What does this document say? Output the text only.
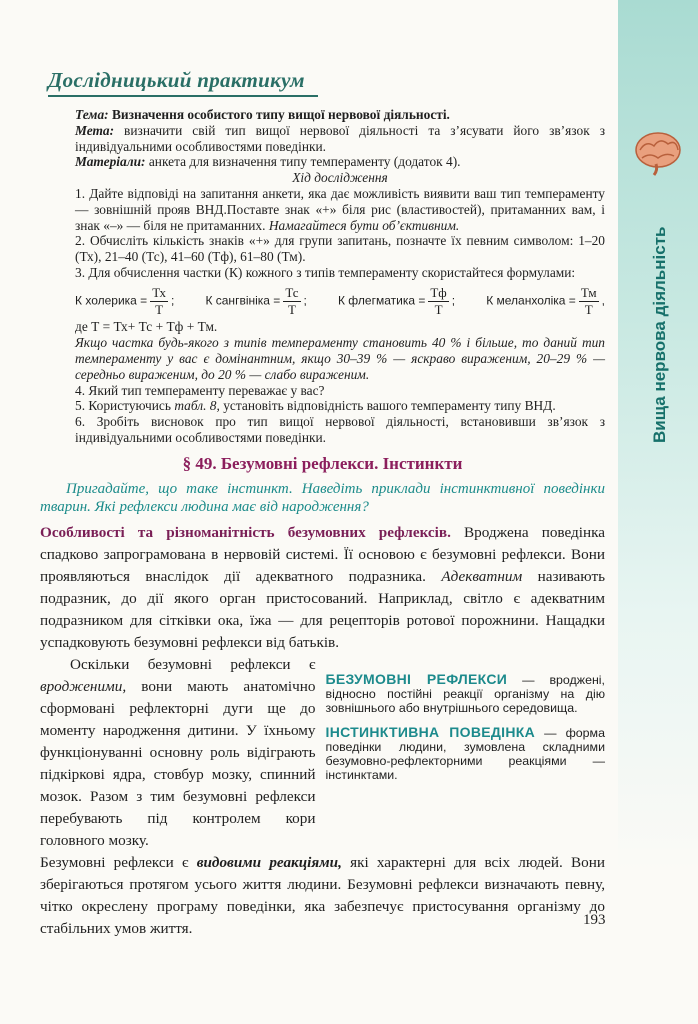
Вища нервова діяльність
Дослідницький практикум

Тема: Визначення особистого типу вищої нервової діяльності.

Мета: визначити свій тип вищої нервової діяльності та з’ясувати його зв’язок з індивідуальними особливостями поведінки.

Матеріали: анкета для визначення типу темпераменту (додаток 4).

Хід дослідження

1. Дайте відповіді на запитання анкети, яка дає можливість виявити ваш тип темпераменту — зовнішній прояв ВНД.Поставте знак «+» біля рис (властивостей), притаманних вам, і знак «–» — біля не притаманних. Намагайтеся бути об’єктивним.

2. Обчисліть кількість знаків «+» для групи запитань, позначте їх певним символом: 1–20 (Тх), 21–40 (Тс), 41–60 (Тф), 61–80 (Тм).

3. Для обчислення частки (К) кожного з типів темпераменту скористайтеся формулами:

К холерика = $\frac{Тх}{Т}$ ;	К сангвініка = $\frac{Тс}{Т}$ ;	К флегматика = $\frac{Тф}{Т}$ ;	К меланхоліка = $\frac{Тм}{Т}$ ,

де Т = Тх+ Тс + Тф + Тм.

Якщо частка будь-якого з типів темпераменту становить 40 % і більше, то даний тип темпераменту у вас є домінантним, якщо 30–39 % — яскраво вираженим, 20–29 % — середньо вираженим, до 20 % — слабо вираженим.

4. Який тип темпераменту переважає у вас?

5. Користуючись табл. 8, установіть відповідність вашого темпераменту типу ВНД.

6. Зробіть висновок про тип вищої нервової діяльності, встановивши зв’язок з індивідуальними особливостями поведінки.

§ 49. Безумовні рефлекси. Інстинкти

Пригадайте, що таке інстинкт. Наведіть приклади інстинктивної поведінки тварин. Які рефлекси людина має від народження?

Особливості та різноманітність безумовних рефлексів. Вроджена поведінка спадково запрограмована в нервовій системі. Її основою є безумовні рефлекси. Вони проявляються внаслідок дії адекватного подразника. Адекватним називають подразник, до дії якого орган пристосований. Наприклад, світло є адекватним подразником для сітківки ока, їжа — для рецепторів ротової порожнини. Нащадки успадковують безумовні рефлекси від батьків.

Оскільки безумовні рефлекси є вродженими, вони мають анатомічно сформовані рефлекторні дуги ще до моменту народження дитини. У їхньому функціонуванні основну роль відіграють підкіркові ядра, стовбур мозку, спинний мозок. Разом з тим безумовні рефлекси перебувають під контролем кори головного мозку.
БЕЗУМОВНІ РЕФЛЕКСИ — вроджені, відносно постійні реакції організму на дію зовнішнього або внутрішнього середовища.
ІНСТИНКТИВНА ПОВЕДІНКА — форма поведінки людини, зумовлена складними безумовно-рефлекторними реакціями — інстинктами.

Безумовні рефлекси є видовими реакціями, які характерні для всіх людей. Вони зберігаються протягом усього життя людини. Безумовні рефлекси визначають певну, чітко окреслену програму поведінки, яка забезпечує пристосування організму до стабільних умов життя.	193
